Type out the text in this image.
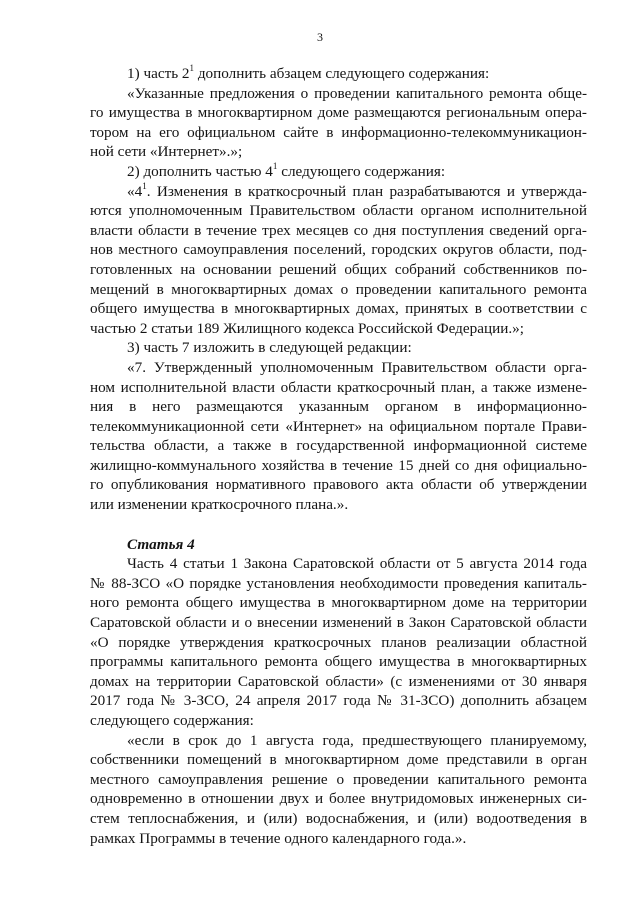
3
1) часть $2^1$ дополнить абзацем следующего содержания:
«Указанные предложения о проведении капитального ремонта обще-
го имущества в многоквартирном доме размещаются региональным опера-
тором на его официальном сайте в информационно-телекоммуникацион-
ной сети «Интернет».»;
2) дополнить частью $4^1$ следующего содержания:
«$4^1$. Изменения в краткосрочный план разрабатываются и утвержда-
ются уполномоченным Правительством области органом исполнительной
власти области в течение трех месяцев со дня поступления сведений орга-
нов местного самоуправления поселений, городских округов области, под-
готовленных на основании решений общих собраний собственников по-
мещений в многоквартирных домах о проведении капитального ремонта
общего имущества в многоквартирных домах, принятых в соответствии с
частью 2 статьи 189 Жилищного кодекса Российской Федерации.»;
3) часть 7 изложить в следующей редакции:
«7. Утвержденный уполномоченным Правительством области орга-
ном исполнительной власти области краткосрочный план, а также измене-
ния в него размещаются указанным органом в информационно-
телекоммуникационной сети «Интернет» на официальном портале Прави-
тельства области, а также в государственной информационной системе
жилищно-коммунального хозяйства в течение 15 дней со дня официально-
го опубликования нормативного правового акта области об утверждении
или изменении краткосрочного плана.».
Статья 4
Часть 4 статьи 1 Закона Саратовской области от 5 августа 2014 года
№ 88-ЗСО «О порядке установления необходимости проведения капиталь-
ного ремонта общего имущества в многоквартирном доме на территории
Саратовской области и о внесении изменений в Закон Саратовской области
«О порядке утверждения краткосрочных планов реализации областной
программы капитального ремонта общего имущества в многоквартирных
домах на территории Саратовской области» (с изменениями от 30 января
2017 года № 3-ЗСО, 24 апреля 2017 года № 31-ЗСО) дополнить абзацем
следующего содержания:
«если в срок до 1 августа года, предшествующего планируемому,
собственники помещений в многоквартирном доме представили в орган
местного самоуправления решение о проведении капитального ремонта
одновременно в отношении двух и более внутридомовых инженерных си-
стем теплоснабжения, и (или) водоснабжения, и (или) водоотведения в
рамках Программы в течение одного календарного года.».
